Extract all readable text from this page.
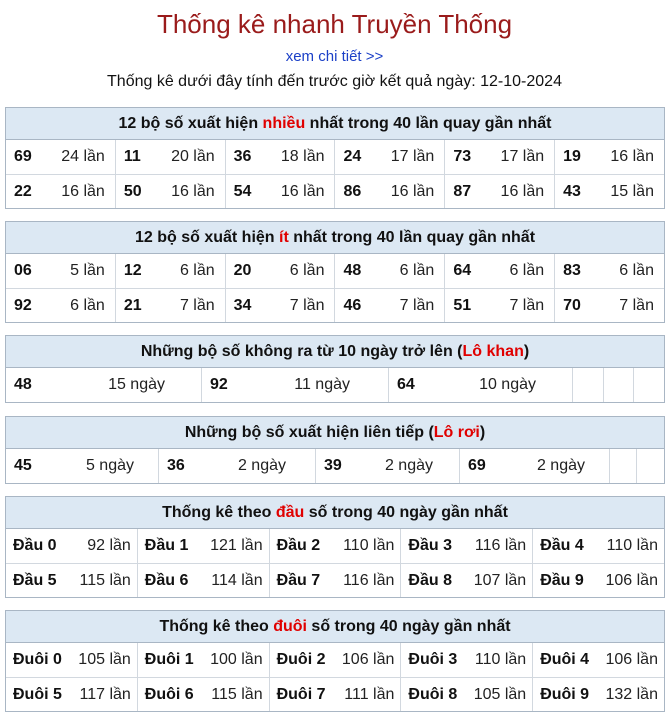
Thống kê nhanh Truyền Thống
xem chi tiết >>
Thống kê dưới đây tính đến trước giờ kết quả ngày: 12-10-2024
12 bộ số xuất hiện nhiều nhất trong 40 lần quay gần nhất
69 24 lần 11 20 lần 36 18 lần 24 17 lần 73 17 lần 19 16 lần
22 16 lần 50 16 lần 54 16 lần 86 16 lần 87 16 lần 43 15 lần
12 bộ số xuất hiện ít nhất trong 40 lần quay gần nhất
06 5 lần 12 6 lần 20 6 lần 48 6 lần 64 6 lần 83 6 lần
92 6 lần 21 7 lần 34 7 lần 46 7 lần 51 7 lần 70 7 lần
Những bộ số không ra từ 10 ngày trở lên (Lô khan)
48	15 ngày	92	11 ngày	64	10 ngày
Những bộ số xuất hiện liên tiếp (Lô rơi)
45	5 ngày 36	2 ngày 39	2 ngày 69	2 ngày
Thống kê theo đầu số trong 40 ngày gần nhất
Đầu 0 92 lần Đầu 1 121 lần Đầu 2 110 lần Đầu 3 116 lần Đầu 4 110 lần
Đầu 5 115 lần Đầu 6 114 lần Đầu 7 116 lần Đầu 8 107 lần Đầu 9 106 lần
Thống kê theo đuôi số trong 40 ngày gần nhất
Đuôi 0 105 lần Đuôi 1 100 lần Đuôi 2 106 lần Đuôi 3 110 lần Đuôi 4 106 lần
Đuôi 5 117 lần Đuôi 6 115 lần Đuôi 7 111 lần Đuôi 8 105 lần Đuôi 9 132 lần
